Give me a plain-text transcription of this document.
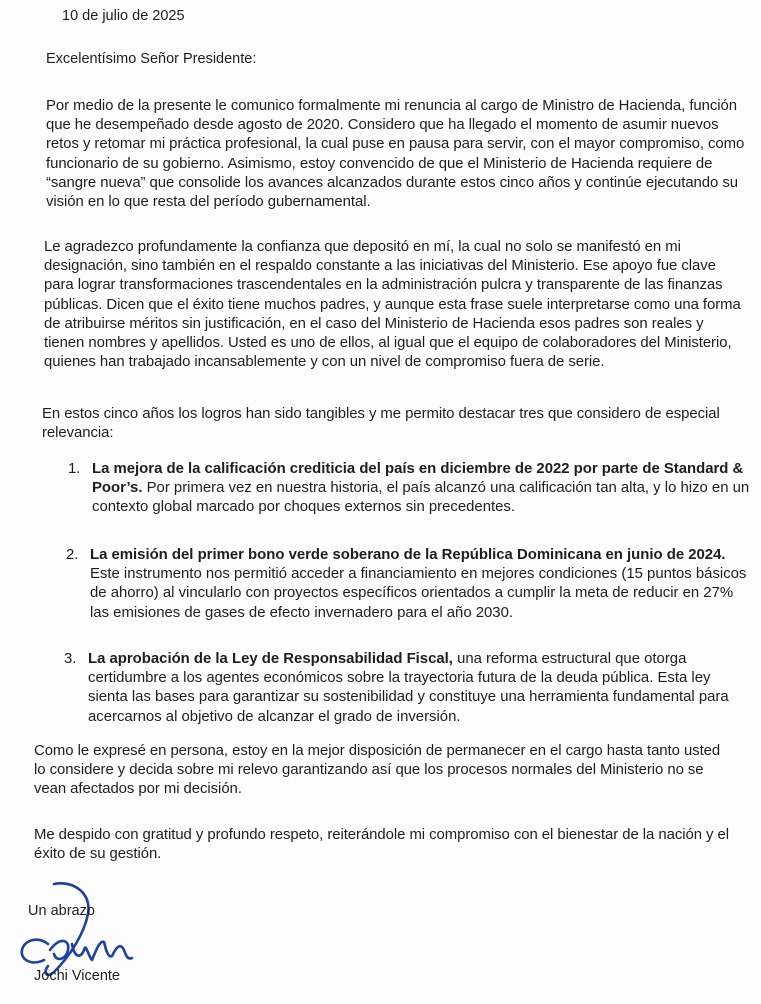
10 de julio de 2025
Excelentísimo Señor Presidente:

Por medio de la presente le comunico formalmente mi renuncia al cargo de Ministro de Hacienda, función que he desempeñado desde agosto de 2020. Considero que ha llegado el momento de asumir nuevos retos y retomar mi práctica profesional, la cual puse en pausa para servir, con el mayor compromiso, como funcionario de su gobierno. Asimismo, estoy convencido de que el Ministerio de Hacienda requiere de “sangre nueva” que consolide los avances alcanzados durante estos cinco años y continúe ejecutando su visión en lo que resta del período gubernamental.

Le agradezco profundamente la confianza que depositó en mí, la cual no solo se manifestó en mi designación, sino también en el respaldo constante a las iniciativas del Ministerio. Ese apoyo fue clave para lograr transformaciones trascendentales en la administración pulcra y transparente de las finanzas públicas. Dicen que el éxito tiene muchos padres, y aunque esta frase suele interpretarse como una forma de atribuirse méritos sin justificación, en el caso del Ministerio de Hacienda esos padres son reales y tienen nombres y apellidos. Usted es uno de ellos, al igual que el equipo de colaboradores del Ministerio, quienes han trabajado incansablemente y con un nivel de compromiso fuera de serie.

En estos cinco años los logros han sido tangibles y me permito destacar tres que considero de especial relevancia:

1. La mejora de la calificación crediticia del país en diciembre de 2022 por parte de Standard & Poor’s. Por primera vez en nuestra historia, el país alcanzó una calificación tan alta, y lo hizo en un contexto global marcado por choques externos sin precedentes.
2. La emisión del primer bono verde soberano de la República Dominicana en junio de 2024. Este instrumento nos permitió acceder a financiamiento en mejores condiciones (15 puntos básicos de ahorro) al vincularlo con proyectos específicos orientados a cumplir la meta de reducir en 27% las emisiones de gases de efecto invernadero para el año 2030.
3. La aprobación de la Ley de Responsabilidad Fiscal, una reforma estructural que otorga certidumbre a los agentes económicos sobre la trayectoria futura de la deuda pública. Esta ley sienta las bases para garantizar su sostenibilidad y constituye una herramienta fundamental para acercarnos al objetivo de alcanzar el grado de inversión.

Como le expresé en persona, estoy en la mejor disposición de permanecer en el cargo hasta tanto usted lo considere y decida sobre mi relevo garantizando así que los procesos normales del Ministerio no se vean afectados por mi decisión.

Me despido con gratitud y profundo respeto, reiterándole mi compromiso con el bienestar de la nación y el éxito de su gestión.

Un abrazo
Jochi Vicente
